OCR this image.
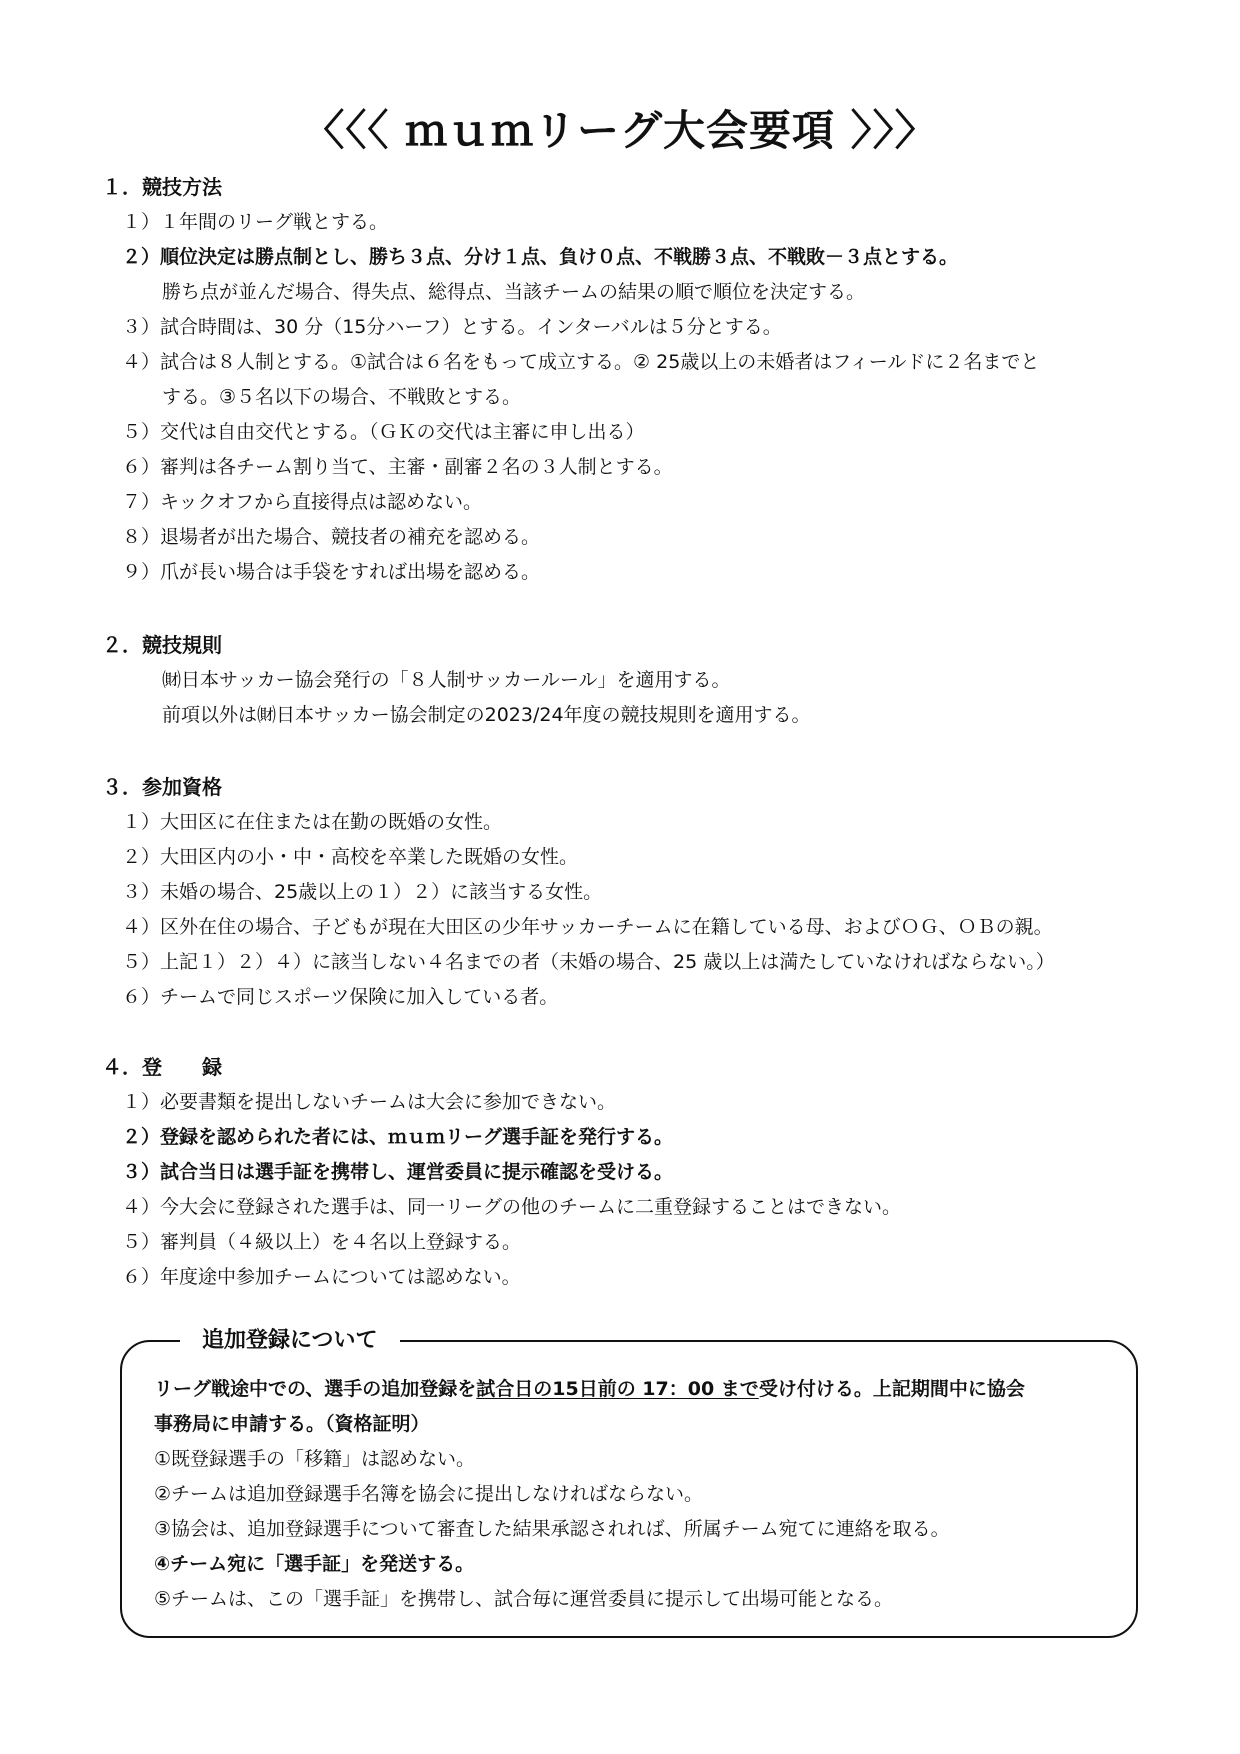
〈〈〈 ｍｕｍリーグ大会要項 〉〉〉
１．競技方法
１）１年間のリーグ戦とする。
２）順位決定は勝点制とし、勝ち３点、分け１点、負け０点、不戦勝３点、不戦敗－３点とする。
勝ち点が並んだ場合、得失点、総得点、当該チームの結果の順で順位を決定する。
３）試合時間は、30 分（15分ハーフ）とする。インターバルは５分とする。
４）試合は８人制とする。①試合は６名をもって成立する。② 25歳以上の未婚者はフィールドに２名までと
する。③５名以下の場合、不戦敗とする。
５）交代は自由交代とする。（ＧＫの交代は主審に申し出る）
６）審判は各チーム割り当て、主審・副審２名の３人制とする。
７）キックオフから直接得点は認めない。
８）退場者が出た場合、競技者の補充を認める。
９）爪が長い場合は手袋をすれば出場を認める。
２．競技規則
㈶日本サッカー協会発行の「８人制サッカールール」を適用する。
前項以外は㈶日本サッカー協会制定の2023/24年度の競技規則を適用する。
３．参加資格
１）大田区に在住または在勤の既婚の女性。
２）大田区内の小・中・高校を卒業した既婚の女性。
３）未婚の場合、25歳以上の１）２）に該当する女性。
４）区外在住の場合、子どもが現在大田区の少年サッカーチームに在籍している母、およびＯＧ、ＯＢの親。
５）上記１）２）４）に該当しない４名までの者（未婚の場合、25 歳以上は満たしていなければならない。）
６）チームで同じスポーツ保険に加入している者。
４．登　　録
１）必要書類を提出しないチームは大会に参加できない。
２）登録を認められた者には、ｍｕｍリーグ選手証を発行する。
３）試合当日は選手証を携帯し、運営委員に提示確認を受ける。
４）今大会に登録された選手は、同一リーグの他のチームに二重登録することはできない。
５）審判員（４級以上）を４名以上登録する。
６）年度途中参加チームについては認めない。
追加登録について
リーグ戦途中での、選手の追加登録を試合日の15日前の 17：00 まで受け付ける。上記期間中に協会
事務局に申請する。（資格証明）
①既登録選手の「移籍」は認めない。
②チームは追加登録選手名簿を協会に提出しなければならない。
③協会は、追加登録選手について審査した結果承認されれば、所属チーム宛てに連絡を取る。
④チーム宛に「選手証」を発送する。
⑤チームは、この「選手証」を携帯し、試合毎に運営委員に提示して出場可能となる。
